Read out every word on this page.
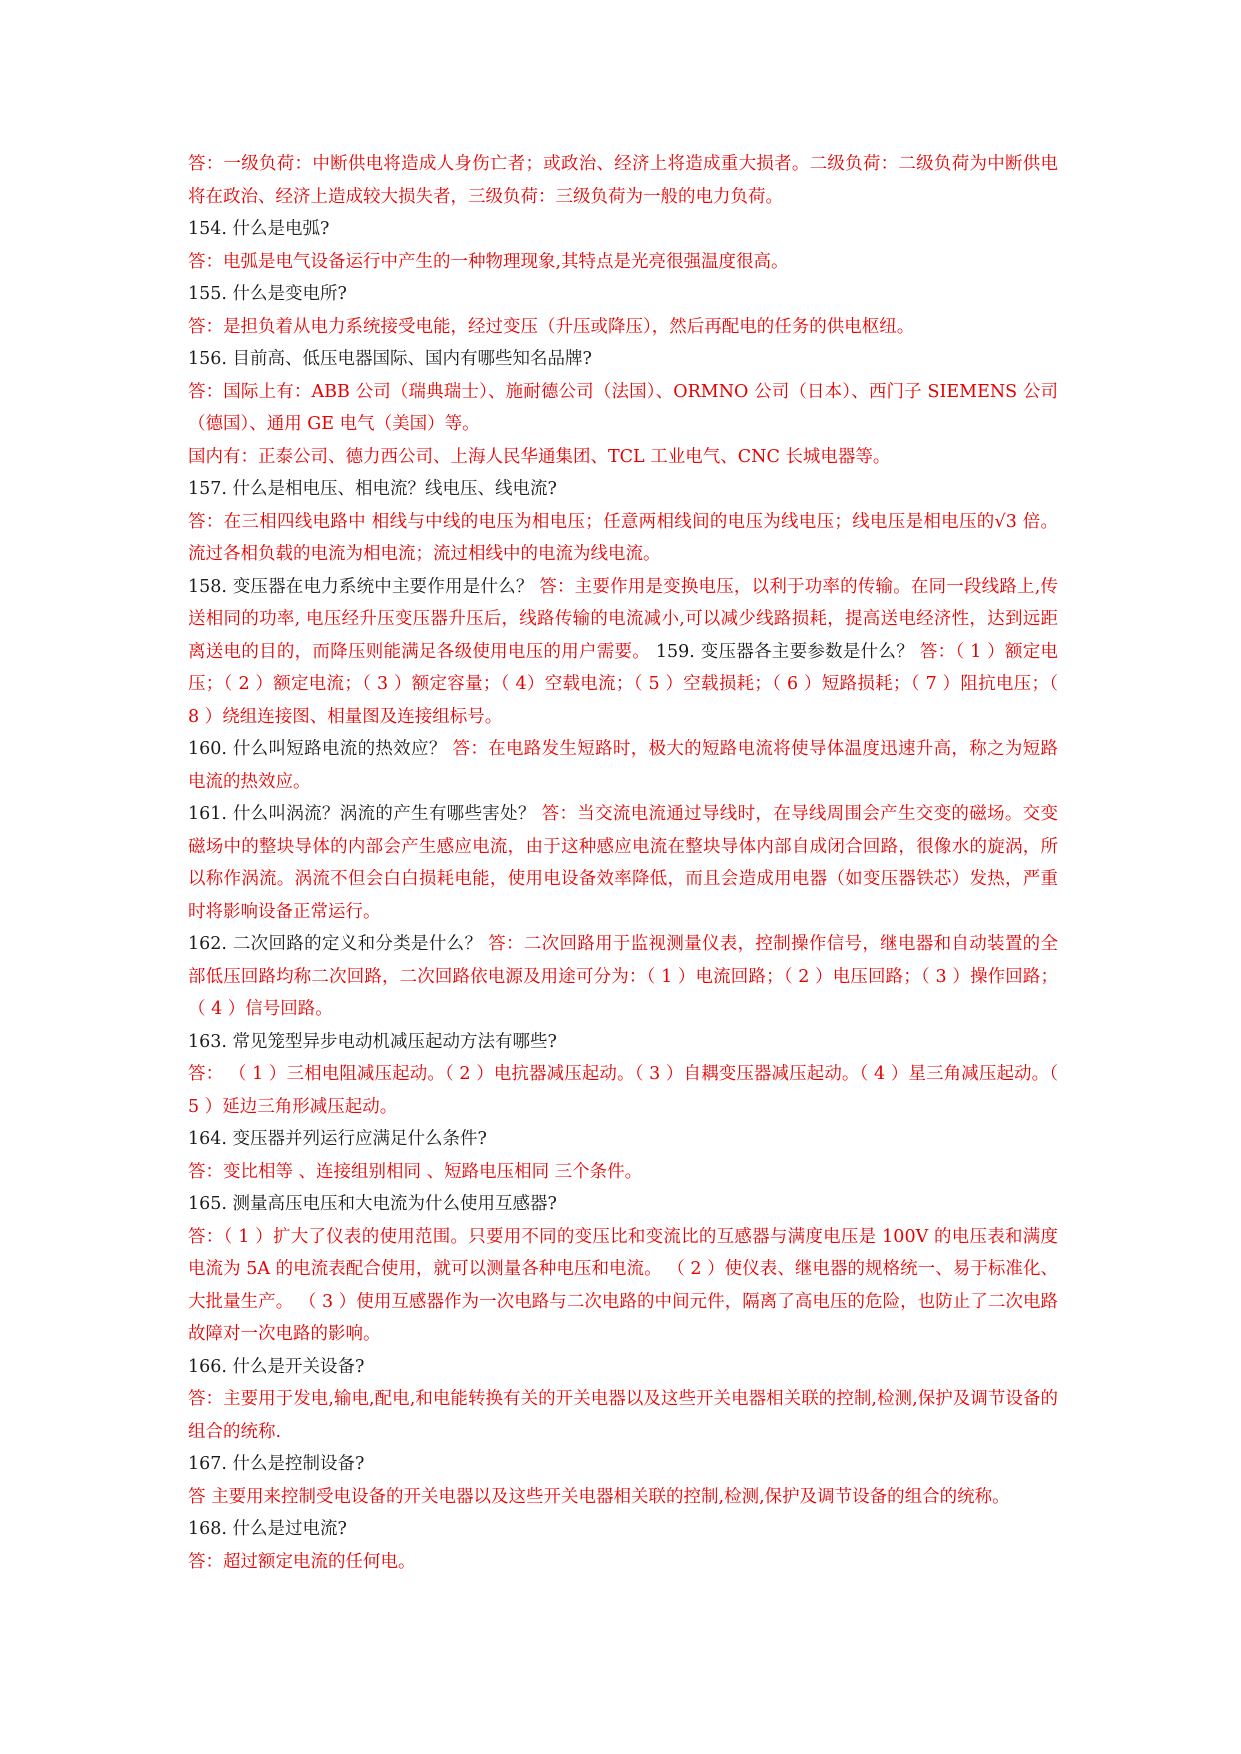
答：一级负荷：中断供电将造成人身伤亡者；或政治、经济上将造成重大损者。二级负荷：二级负荷为中断供电将在政治、经济上造成较大损失者，三级负荷：三级负荷为一般的电力负荷。

154. 什么是电弧?

答：电弧是电气设备运行中产生的一种物理现象,其特点是光亮很强温度很高。

155. 什么是变电所?

答：是担负着从电力系统接受电能，经过变压（升压或降压），然后再配电的任务的供电枢纽。

156. 目前高、低压电器国际、国内有哪些知名品牌?

答：国际上有：ABB 公司（瑞典瑞士）、施耐德公司（法国）、ORMNO 公司（日本）、西门子 SIEMENS 公司（德国）、通用 GE 电气（美国）等。

国内有：正泰公司、德力西公司、上海人民华通集团、TCL 工业电气、CNC 长城电器等。

157. 什么是相电压、相电流？线电压、线电流?

答：在三相四线电路中 相线与中线的电压为相电压；任意两相线间的电压为线电压；线电压是相电压的√3 倍。流过各相负载的电流为相电流；流过相线中的电流为线电流。

158. 变压器在电力系统中主要作用是什么？ 答：主要作用是变换电压，以利于功率的传输。在同一段线路上,传送相同的功率, 电压经升压变压器升压后，线路传输的电流减小,可以减少线路损耗，提高送电经济性，达到远距离送电的目的，而降压则能满足各级使用电压的用户需要。 159. 变压器各主要参数是什么？ 答：（ 1 ）额定电压；（ 2 ）额定电流；（ 3 ）额定容量；（ 4）空载电流；（ 5 ）空载损耗；（ 6 ）短路损耗；（ 7 ）阻抗电压；（ 8 ）绕组连接图、相量图及连接组标号。

160. 什么叫短路电流的热效应？ 答：在电路发生短路时，极大的短路电流将使导体温度迅速升高，称之为短路电流的热效应。

161. 什么叫涡流？涡流的产生有哪些害处？ 答：当交流电流通过导线时，在导线周围会产生交变的磁场。交变磁场中的整块导体的内部会产生感应电流，由于这种感应电流在整块导体内部自成闭合回路，很像水的旋涡，所以称作涡流。涡流不但会白白损耗电能，使用电设备效率降低，而且会造成用电器（如变压器铁芯）发热，严重时将影响设备正常运行。

162. 二次回路的定义和分类是什么？ 答：二次回路用于监视测量仪表，控制操作信号，继电器和自动装置的全部低压回路均称二次回路，二次回路依电源及用途可分为：（ 1 ）电流回路；（ 2 ）电压回路；（ 3 ）操作回路；（ 4 ）信号回路。

163. 常见笼型异步电动机减压起动方法有哪些?

答： （ 1 ）三相电阻减压起动。（ 2 ）电抗器减压起动。（ 3 ）自耦变压器减压起动。（ 4 ）星三角减压起动。（ 5 ）延边三角形减压起动。

164. 变压器并列运行应满足什么条件?

答：变比相等 、连接组别相同 、短路电压相同 三个条件。

165. 测量高压电压和大电流为什么使用互感器?

答：（ 1 ）扩大了仪表的使用范围。只要用不同的变压比和变流比的互感器与满度电压是 100V 的电压表和满度电流为 5A 的电流表配合使用，就可以测量各种电压和电流。 （ 2 ）使仪表、继电器的规格统一、易于标准化、大批量生产。 （ 3 ）使用互感器作为一次电路与二次电路的中间元件，隔离了高电压的危险，也防止了二次电路故障对一次电路的影响。

166. 什么是开关设备?

答：主要用于发电,输电,配电,和电能转换有关的开关电器以及这些开关电器相关联的控制,检测,保护及调节设备的组合的统称.

167. 什么是控制设备?

答 主要用来控制受电设备的开关电器以及这些开关电器相关联的控制,检测,保护及调节设备的组合的统称。

168. 什么是过电流?

答：超过额定电流的任何电。
